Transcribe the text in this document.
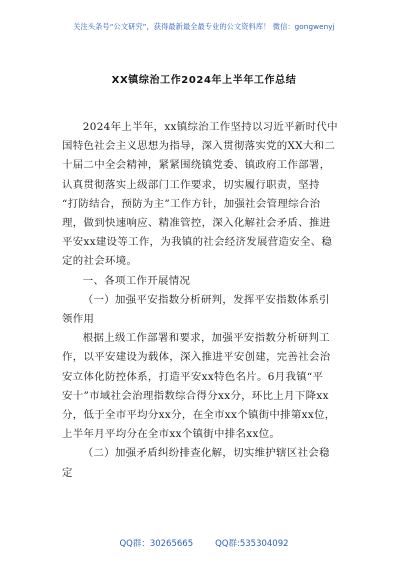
关注头条号“公文研究”，获得最新最全最专业的公文资料库！ 微信：gongwenyj
XX镇综治工作2024年上半年工作总结
2024年上半年，xx镇综治工作坚持以习近平新时代中
国特色社会主义思想为指导，深入贯彻落实党的XX大和二
十届二中全会精神，紧紧围绕镇党委、镇政府工作部署，
认真贯彻落实上级部门工作要求，切实履行职责，坚持
“打防结合，预防为主”工作方针，加强社会管理综合治
理，做到快速响应、精准管控，深入化解社会矛盾、推进
平安xx建设等工作，为我镇的社会经济发展营造安全、稳
定的社会环境。
一、各项工作开展情况
（一）加强平安指数分析研判，发挥平安指数体系引
领作用
根据上级工作部署和要求，加强平安指数分析研判工
作，以平安建设为载体，深入推进平安创建，完善社会治
安立体化防控体系，打造平安xx特色名片。6月我镇“平
安十”市域社会治理指数综合得分xx分，环比上月下降xx
分，低于全市平均分xx分，在全市xx个镇街中排第xx位，
上半年月平均分在全市xx个镇街中排名xx位。
（二）加强矛盾纠纷排查化解，切实维护辖区社会稳
定
QQ群：30265665	QQ群:535304092
